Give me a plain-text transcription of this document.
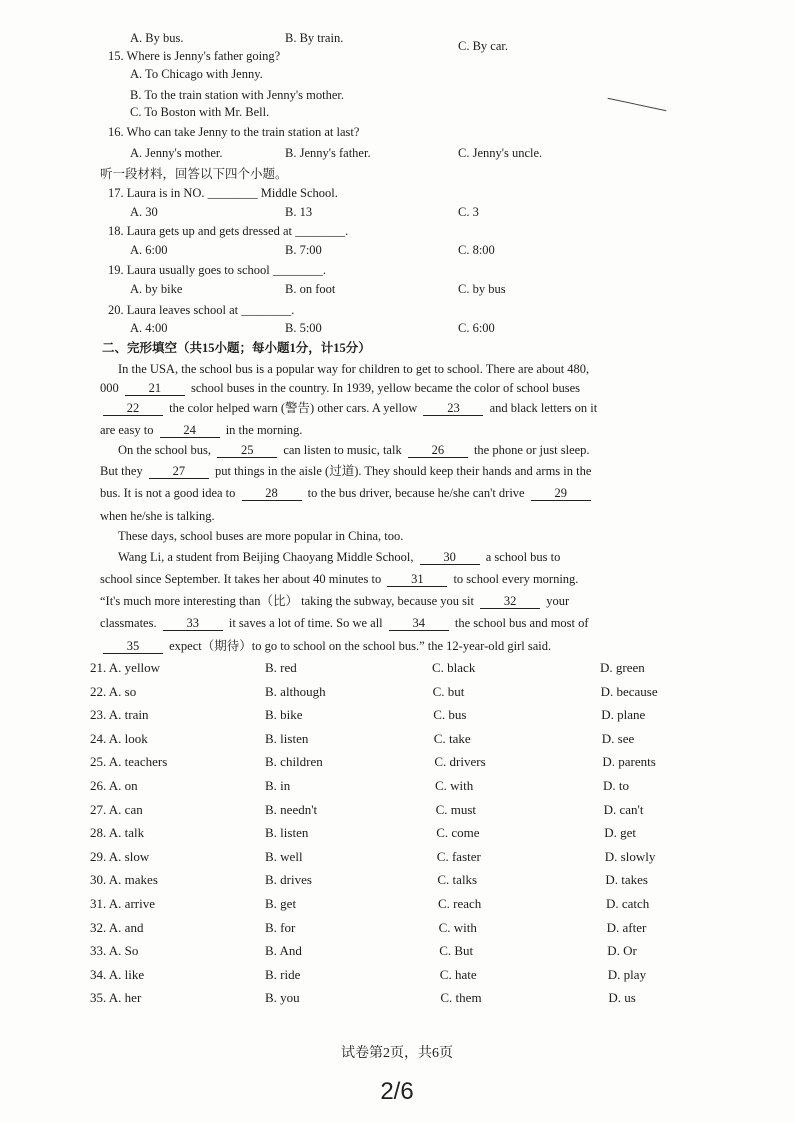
A. By bus.	B. By train.
C. By car.
15. Where is Jenny's father going?
A. To Chicago with Jenny.
B. To the train station with Jenny's mother.
C. To Boston with Mr. Bell.
16. Who can take Jenny to the train station at last?
A. Jenny's mother.	B. Jenny's father.	C. Jenny's uncle.
听一段材料，回答以下四个小题。
17. Laura is in NO. ________ Middle School.
A. 30	B. 13	C. 3
18. Laura gets up and gets dressed at ________.
A. 6:00	B. 7:00	C. 8:00
19. Laura usually goes to school ________.
A. by bike	B. on foot	C. by bus
20. Laura leaves school at ________.
A. 4:00	B. 5:00	C. 6:00
二、完形填空（共15小题；每小题1分，计15分）
In the USA, the school bus is a popular way for children to get to school. There are about 480,
000 21 school buses in the country. In 1939, yellow became the color of school buses
22 the color helped warn (警告) other cars. A yellow 23 and black letters on it
are easy to 24 in the morning.
On the school bus, 25 can listen to music, talk 26 the phone or just sleep.
But they 27 put things in the aisle (过道). They should keep their hands and arms in the
bus. It is not a good idea to 28 to the bus driver, because he/she can't drive 29
when he/she is talking.
These days, school buses are more popular in China, too.
Wang Li, a student from Beijing Chaoyang Middle School, 30 a school bus to
school since September. It takes her about 40 minutes to 31 to school every morning.
“It's much more interesting than（比） taking the subway, because you sit 32 your
classmates. 33 it saves a lot of time. So we all 34 the school bus and most of
35 expect（期待）to go to school on the school bus.” the 12-year-old girl said.
21. A. yellow	B. red	C. black	D. green
22. A. so	B. although	C. but	D. because
23. A. train	B. bike	C. bus	D. plane
24. A. look	B. listen	C. take	D. see
25. A. teachers	B. children	C. drivers	D. parents
26. A. on	B. in	C. with	D. to
27. A. can	B. needn't	C. must	D. can't
28. A. talk	B. listen	C. come	D. get
29. A. slow	B. well	C. faster	D. slowly
30. A. makes	B. drives	C. talks	D. takes
31. A. arrive	B. get	C. reach	D. catch
32. A. and	B. for	C. with	D. after
33. A. So	B. And	C. But	D. Or
34. A. like	B. ride	C. hate	D. play
35. A. her	B. you	C. them	D. us
试卷第2页，共6页
2/6
